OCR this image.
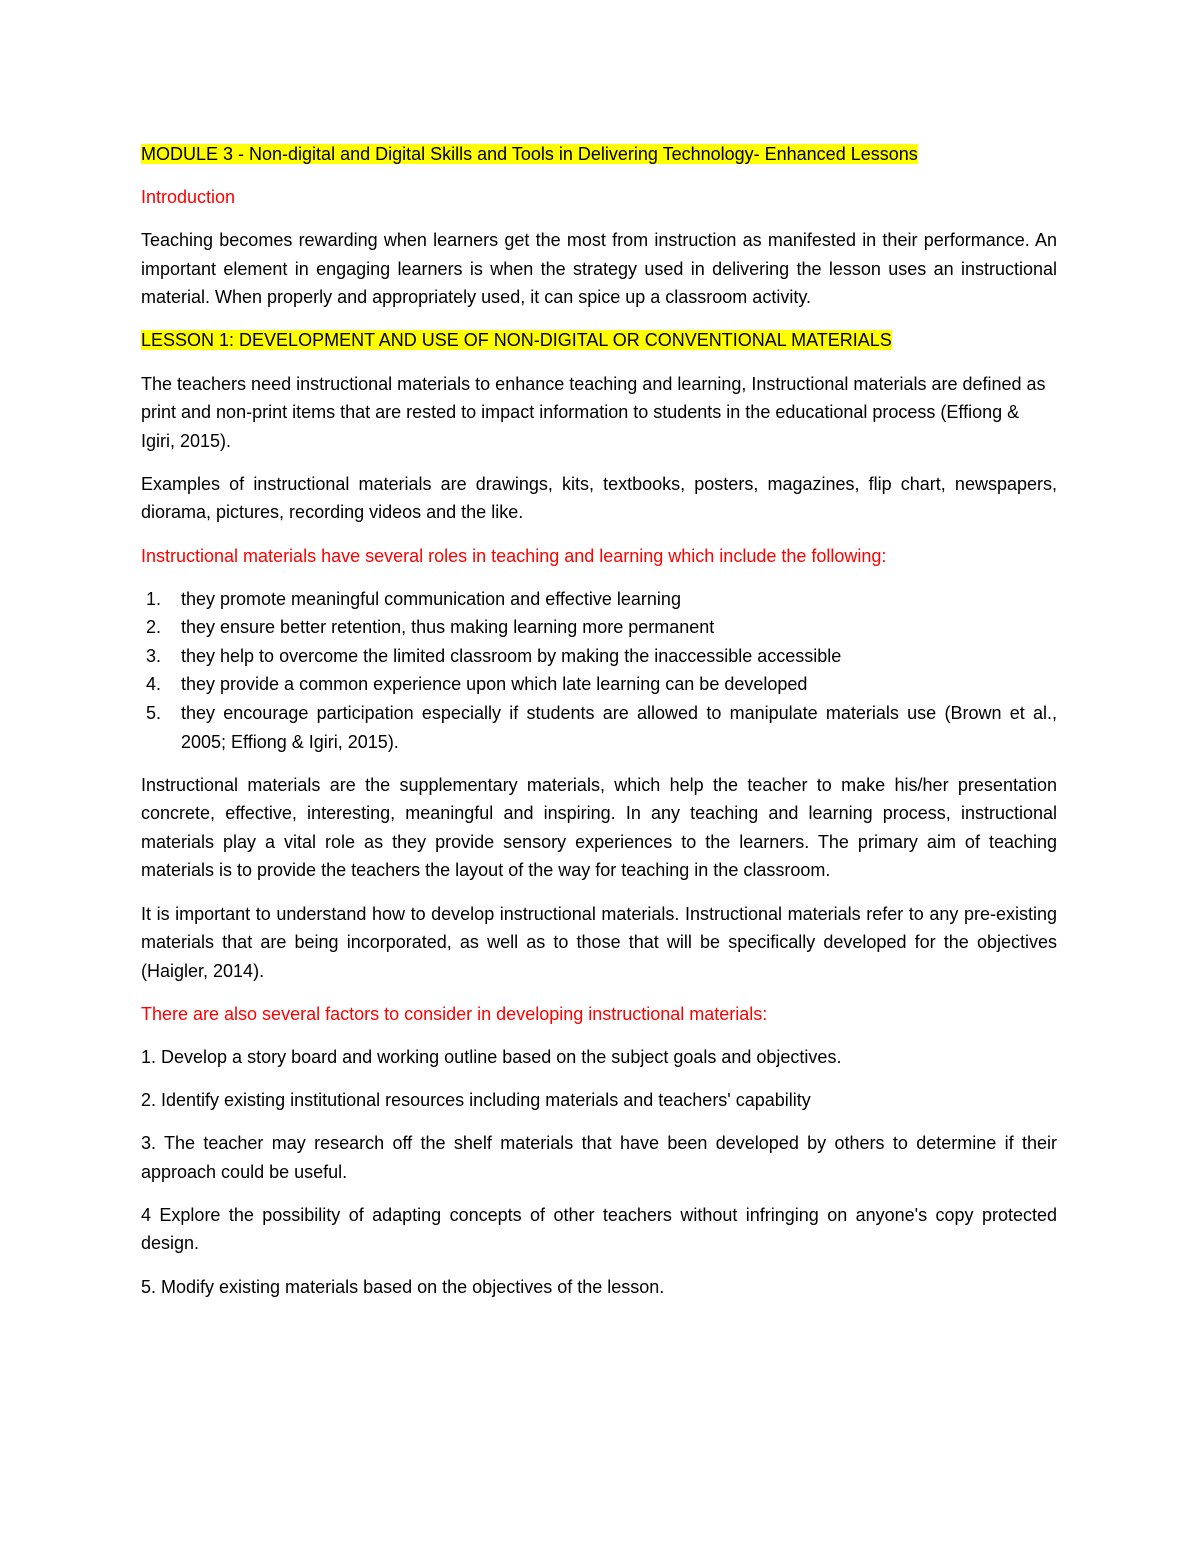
MODULE 3 - Non-digital and Digital Skills and Tools in Delivering Technology- Enhanced Lessons

Introduction

Teaching becomes rewarding when learners get the most from instruction as manifested in their performance. An important element in engaging learners is when the strategy used in delivering the lesson uses an instructional material. When properly and appropriately used, it can spice up a classroom activity.

LESSON 1: DEVELOPMENT AND USE OF NON-DIGITAL OR CONVENTIONAL MATERIALS

The teachers need instructional materials to enhance teaching and learning, Instructional materials are defined as print and non-print items that are rested to impact information to students in the educational process (Effiong & Igiri, 2015).

Examples of instructional materials are drawings, kits, textbooks, posters, magazines, flip chart, newspapers, diorama, pictures, recording videos and the like.

Instructional materials have several roles in teaching and learning which include the following:

1. they promote meaningful communication and effective learning
2. they ensure better retention, thus making learning more permanent
3. they help to overcome the limited classroom by making the inaccessible accessible
4. they provide a common experience upon which late learning can be developed
5. they encourage participation especially if students are allowed to manipulate materials use (Brown et al., 2005; Effiong & Igiri, 2015).

Instructional materials are the supplementary materials, which help the teacher to make his/her presentation concrete, effective, interesting, meaningful and inspiring. In any teaching and learning process, instructional materials play a vital role as they provide sensory experiences to the learners. The primary aim of teaching materials is to provide the teachers the layout of the way for teaching in the classroom.

It is important to understand how to develop instructional materials. Instructional materials refer to any pre-existing materials that are being incorporated, as well as to those that will be specifically developed for the objectives (Haigler, 2014).

There are also several factors to consider in developing instructional materials:

1. Develop a story board and working outline based on the subject goals and objectives.

2. Identify existing institutional resources including materials and teachers' capability

3. The teacher may research off the shelf materials that have been developed by others to determine if their approach could be useful.

4 Explore the possibility of adapting concepts of other teachers without infringing on anyone's copy protected design.

5. Modify existing materials based on the objectives of the lesson.
